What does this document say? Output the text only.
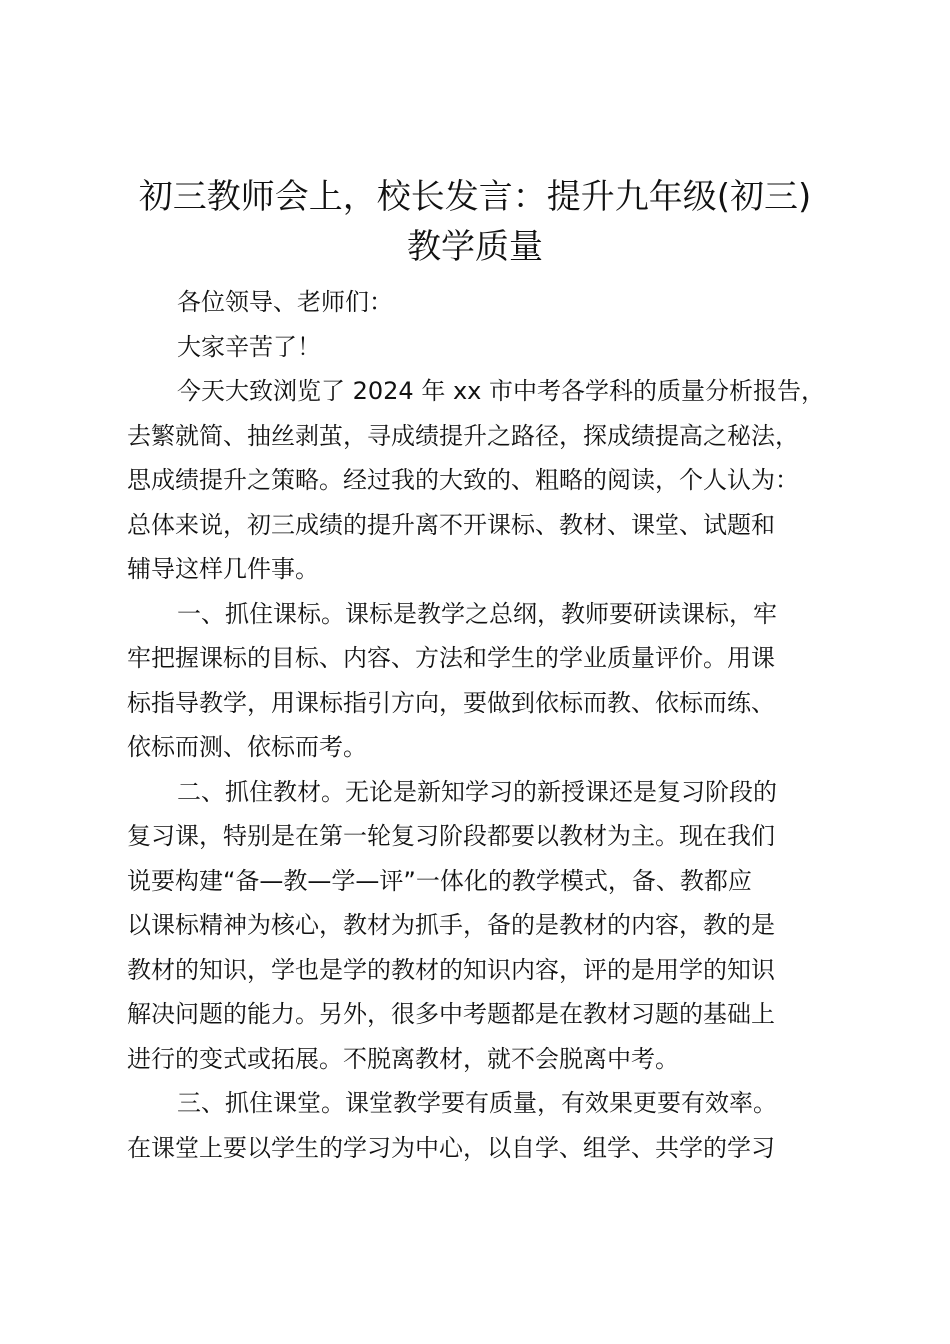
初三教师会上，校长发言：提升九年级(初三)
教学质量
各位领导、老师们：
大家辛苦了！
今天大致浏览了 2024 年 xx 市中考各学科的质量分析报告，
去繁就简、抽丝剥茧，寻成绩提升之路径，探成绩提高之秘法，
思成绩提升之策略。经过我的大致的、粗略的阅读，个人认为：
总体来说，初三成绩的提升离不开课标、教材、课堂、试题和
辅导这样几件事。
一、抓住课标。课标是教学之总纲，教师要研读课标，牢
牢把握课标的目标、内容、方法和学生的学业质量评价。用课
标指导教学，用课标指引方向，要做到依标而教、依标而练、
依标而测、依标而考。
二、抓住教材。无论是新知学习的新授课还是复习阶段的
复习课，特别是在第一轮复习阶段都要以教材为主。现在我们
说要构建“备—教—学—评”一体化的教学模式，备、教都应
以课标精神为核心，教材为抓手，备的是教材的内容，教的是
教材的知识，学也是学的教材的知识内容，评的是用学的知识
解决问题的能力。另外，很多中考题都是在教材习题的基础上
进行的变式或拓展。不脱离教材，就不会脱离中考。
三、抓住课堂。课堂教学要有质量，有效果更要有效率。
在课堂上要以学生的学习为中心，以自学、组学、共学的学习
